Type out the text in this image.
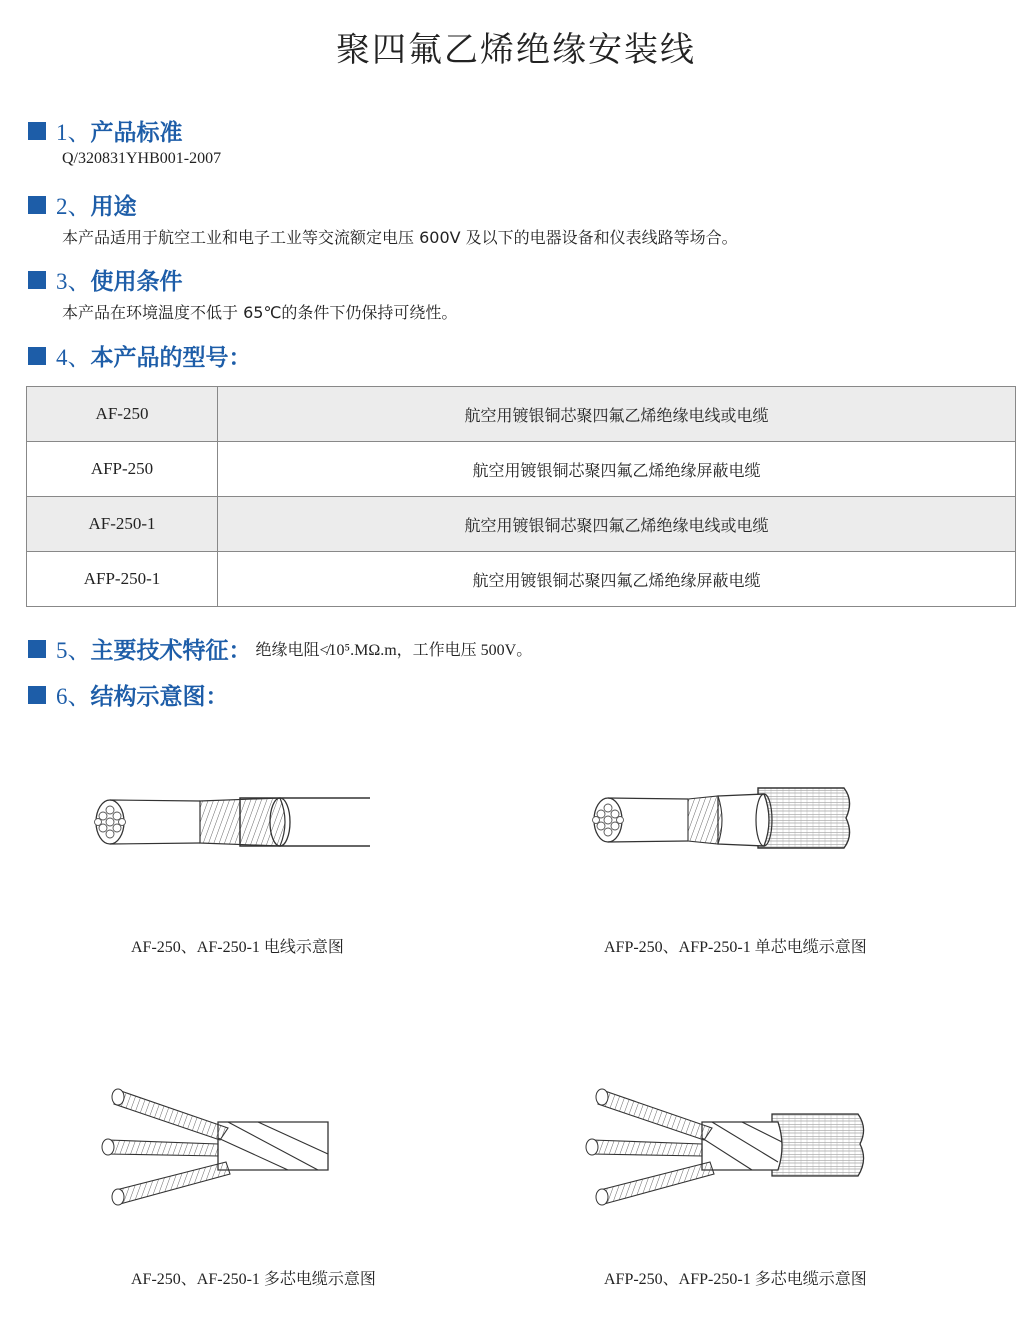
聚四氟乙烯绝缘安装线
1、 产品标准
Q/320831YHB001-2007
2、 用途
本产品适用于航空工业和电子工业等交流额定电压 600V 及以下的电器设备和仪表线路等场合。
3、 使用条件
本产品在环境温度不低于 65℃的条件下仍保持可绕性。
4、 本产品的型号：
AF-250	航空用镀银铜芯聚四氟乙烯绝缘电线或电缆
AFP-250	航空用镀银铜芯聚四氟乙烯绝缘屏蔽电缆
AF-250-1	航空用镀银铜芯聚四氟乙烯绝缘电线或电缆
AFP-250-1	航空用镀银铜芯聚四氟乙烯绝缘屏蔽电缆
5、 主要技术特征： 绝缘电阻≮10⁵.MΩ.m，工作电压 500V。
6、 结构示意图：
AF-250、AF-250-1 电线示意图	AFP-250、AFP-250-1 单芯电缆示意图
AF-250、AF-250-1 多芯电缆示意图	AFP-250、AFP-250-1 多芯电缆示意图
